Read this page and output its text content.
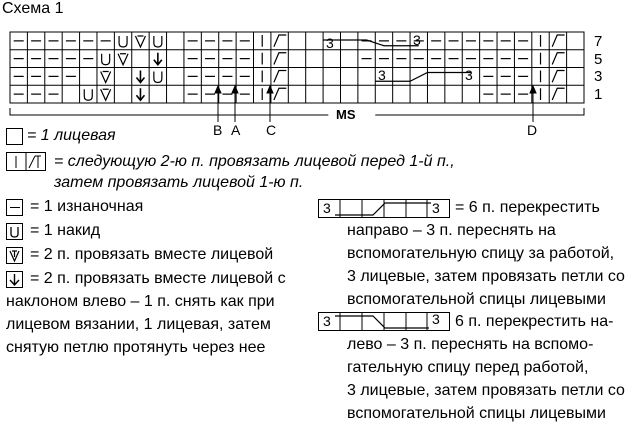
Схема 1
7
5
3
1
3	3
3	3
MS
B A C	D
= 1 лицевая
= следующую 2-ю п. провязать лицевой перед 1-й п.,
затем провязать лицевой 1-ю п.
= 1 изнаночная
= 1 накид
= 2 п. провязать вместе лицевой
= 2 п. провязать вместе лицевой с
наклоном влево – 1 п. снять как при
лицевом вязании, 1 лицевая, затем
снятую петлю протянуть через нее
3	3 = 6 п. перекрестить
направо – 3 п. переснять на
вспомогательную спицу за работой,
3 лицевые, затем провязать петли со
вспомогательной спицы лицевыми
3	3 6 п. перекрестить на-
лево – 3 п. переснять на вспомо-
гательную спицу перед работой,
3 лицевые, затем провязать петли со
вспомогательной спицы лицевыми
